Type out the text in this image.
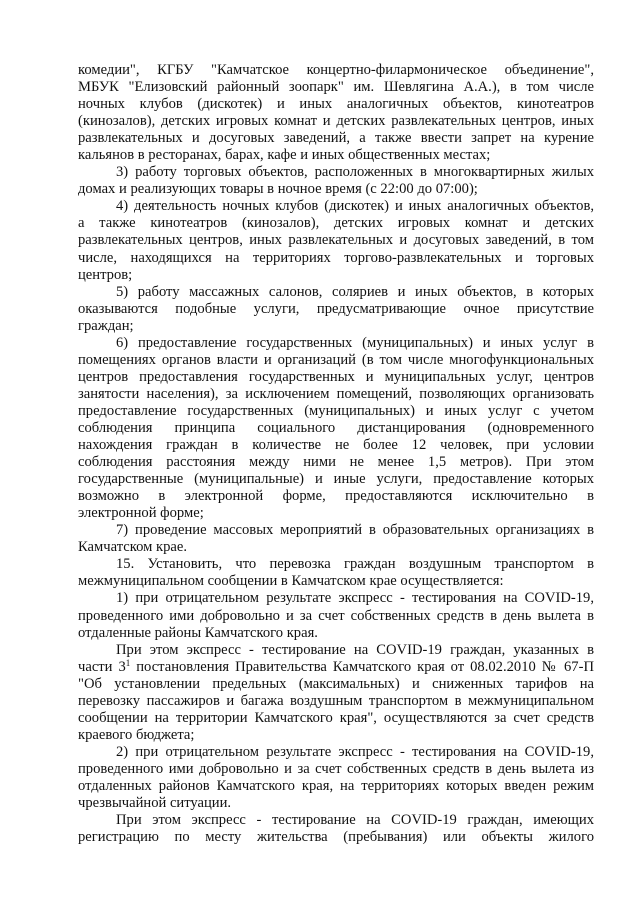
комедии", КГБУ "Камчатское концертно-филармоническое объединение",
МБУК "Елизовский районный зоопарк" им. Шевлягина А.А.), в том числе
ночных клубов (дискотек) и иных аналогичных объектов, кинотеатров
(кинозалов), детских игровых комнат и детских развлекательных центров, иных
развлекательных и досуговых заведений, а также ввести запрет на курение
кальянов в ресторанах, барах, кафе и иных общественных местах;
3) работу торговых объектов, расположенных в многоквартирных жилых
домах и реализующих товары в ночное время (с 22:00 до 07:00);
4) деятельность ночных клубов (дискотек) и иных аналогичных объектов,
а также кинотеатров (кинозалов), детских игровых комнат и детских
развлекательных центров, иных развлекательных и досуговых заведений, в том
числе, находящихся на территориях торгово-развлекательных и торговых
центров;
5) работу массажных салонов, соляриев и иных объектов, в которых
оказываются подобные услуги, предусматривающие очное присутствие
граждан;
6) предоставление государственных (муниципальных) и иных услуг в
помещениях органов власти и организаций (в том числе многофункциональных
центров предоставления государственных и муниципальных услуг, центров
занятости населения), за исключением помещений, позволяющих организовать
предоставление государственных (муниципальных) и иных услуг с учетом
соблюдения принципа социального дистанцирования (одновременного
нахождения граждан в количестве не более 12 человек, при условии
соблюдения расстояния между ними не менее 1,5 метров). При этом
государственные (муниципальные) и иные услуги, предоставление которых
возможно в электронной форме, предоставляются исключительно в
электронной форме;
7) проведение массовых мероприятий в образовательных организациях в
Камчатском крае.
15. Установить, что перевозка граждан воздушным транспортом в
межмуниципальном сообщении в Камчатском крае осуществляется:
1) при отрицательном результате экспресс - тестирования на COVID-19,
проведенного ими добровольно и за счет собственных средств в день вылета в
отдаленные районы Камчатского края.
При этом экспресс - тестирование на COVID-19 граждан, указанных в
части $3^1$ постановления Правительства Камчатского края от 08.02.2010 № 67-П
"Об установлении предельных (максимальных) и сниженных тарифов на
перевозку пассажиров и багажа воздушным транспортом в межмуниципальном
сообщении на территории Камчатского края", осуществляются за счет средств
краевого бюджета;
2) при отрицательном результате экспресс - тестирования на COVID-19,
проведенного ими добровольно и за счет собственных средств в день вылета из
отдаленных районов Камчатского края, на территориях которых введен режим
чрезвычайной ситуации.
При этом экспресс - тестирование на COVID-19 граждан, имеющих
регистрацию по месту жительства (пребывания) или объекты жилого
